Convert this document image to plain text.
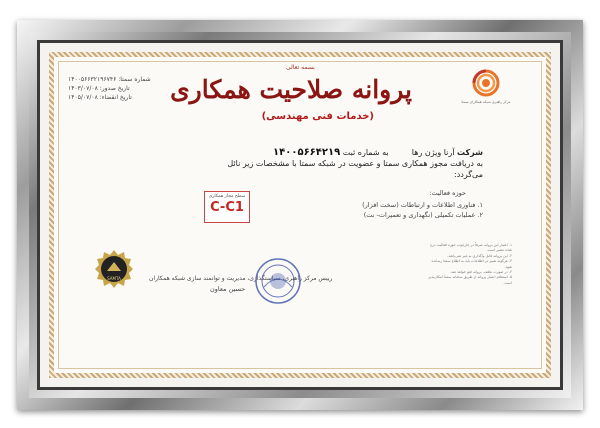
بسمه تعالی
شماره سمتا: ۱۴۰۰۵۶۶۳۲۱۹۶۷۴۶
تاریخ صدور: ۱۴۰۳/۰۷/۰۸
تاریخ انقضاء: ۱۴۰۵/۰۷/۰۸
مرکز راهبری شبکه همکاران سمتا
پروانه صلاحیت همکاری
(خدمات فنی مهندسی)
شرکت آرنا ویژن رها  به شماره ثبت ۱۴۰۰۵۶۶۴۲۱۹
به دریافت مجوز همکاری سمتا و عضویت در شبکه سمتا با مشخصات زیر نائل
می‌گردد:
حوزه فعالیت:
۱. فناوری اطلاعات و ارتباطات (سخت افزار)
۲. عملیات تکمیلی (نگهداری و تعمیرات- نت)
سطح مجاز همکاری
C-C1
SAMTA	رییس مرکز راهبری، سیاستگذاری، مدیریت و توانمند سازی شبکه همکاران
حسین معاون
۱. اعتبار این پروانه صرفاً در چارچوب حوزه فعالیت درج شده معتبر است.
۲. این پروانه قابل واگذاری به غیر نمی‌باشد.
۳. هرگونه تغییر در اطلاعات باید به اطلاع سمتا رسانده شود.
۴. در صورت تخلف، پروانه لغو خواهد شد.
۵. استعلام اعتبار پروانه از طریق سامانه سمتا امکان‌پذیر است.
